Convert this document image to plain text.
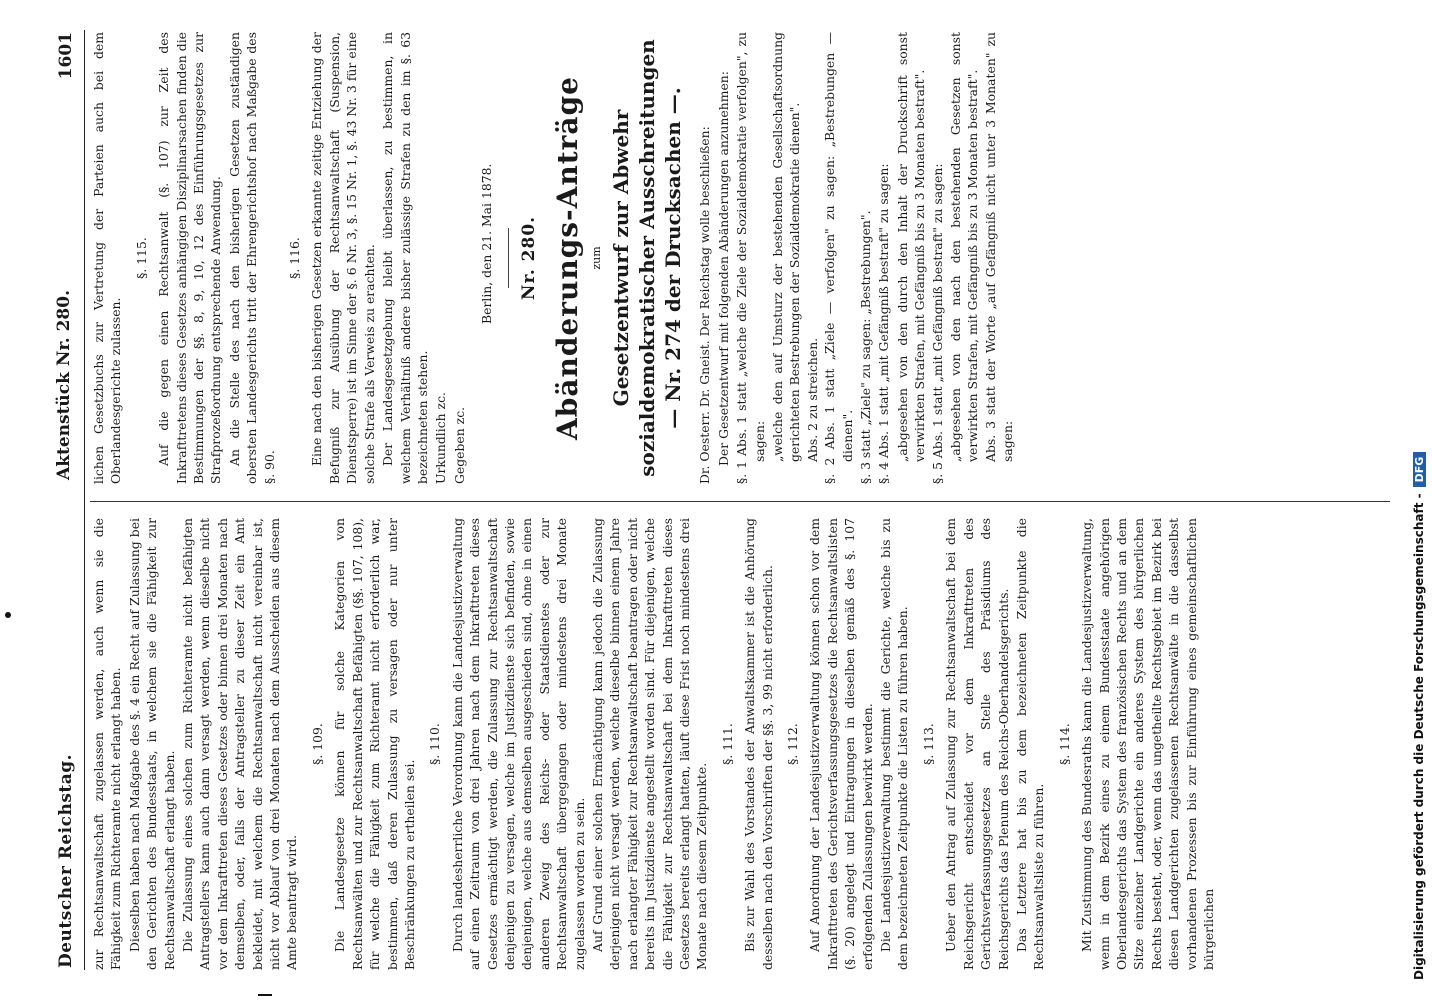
Deutscher Reichstag.
Aktenstück Nr. 280.
1601

zur Rechtsanwaltschaft zugelassen werden, auch wenn sie die Fähigkeit zum Richteramte nicht erlangt haben. Dieselben haben nach Maßgabe des §. 4 ein Recht auf Zulassung bei den Gerichten des Bundesstaats, in welchem sie die Fähigkeit zur Rechtsanwaltschaft erlangt haben. Die Zulassung eines solchen zum Richteramte nicht befähigten Antragstellers kann auch dann versagt werden, wenn dieselbe nicht vor dem Inkrafttreten dieses Gesetzes oder binnen drei Monaten nach demselben, oder, falls der Antragsteller zu dieser Zeit ein Amt bekleidet, mit welchem die Rechtsanwaltschaft nicht vereinbar ist, nicht vor Ablauf von drei Monaten nach dem Ausscheiden aus diesem Amte beantragt wird.

§. 109. Die Landesgesetze können für solche Kategorien von Rechtsanwälten und zur Rechtsanwaltschaft Befähigten (§§. 107, 108), für welche die Fähigkeit zum Richteramt nicht erforderlich war, bestimmen, daß deren Zulassung zu versagen oder nur unter Beschränkungen zu ertheilen sei.

§. 110. Durch landesherrliche Verordnung kann die Landesjustizverwaltung auf einen Zeitraum von drei Jahren nach dem Inkrafttreten dieses Gesetzes ermächtigt werden, die Zulassung zur Rechtsanwaltschaft denjenigen zu versagen, welche im Justizdienste sich befinden, sowie denjenigen, welche aus demselben ausgeschieden sind, ohne in einen anderen Zweig des Reichs- oder Staatsdienstes oder zur Rechtsanwaltschaft übergegangen oder mindestens drei Monate zugelassen worden zu sein. Auf Grund einer solchen Ermächtigung kann jedoch die Zulassung derjenigen nicht versagt werden, welche dieselbe binnen einem Jahre nach erlangter Fähigkeit zur Rechtsanwaltschaft beantragen oder nicht bereits im Justizdienste angestellt worden sind. Für diejenigen, welche die Fähigkeit zur Rechtsanwaltschaft bei dem Inkrafttreten dieses Gesetzes bereits erlangt hatten, läuft diese Frist noch mindestens drei Monate nach diesem Zeitpunkte.

§. 111. Bis zur Wahl des Vorstandes der Anwaltskammer ist die Anhörung desselben nach den Vorschriften der §§. 3, 99 nicht erforderlich. §. 112. Auf Anordnung der Landesjustizverwaltung können schon vor dem Inkrafttreten des Gerichtsverfassungsgesetzes die Rechtsanwaltslisten (§. 20) angelegt und Eintragungen in dieselben gemäß des §. 107 erfolgenden Zulassungen bewirkt werden. Die Landesjustizverwaltung bestimmt die Gerichte, welche bis zu dem bezeichneten Zeitpunkte die Listen zu führen haben. §. 113. Ueber den Antrag auf Zulassung zur Rechtsanwaltschaft bei dem Reichsgericht entscheidet vor dem Inkrafttreten des Gerichtsverfassungsgesetzes an Stelle des Präsidiums des Reichsgerichts das Plenum des Reichs-Oberhandelsgerichts. Das Letztere hat bis zu dem bezeichneten Zeitpunkte die Rechtsanwaltsliste zu führen.

§. 114. Mit Zustimmung des Bundesraths kann die Landesjustizverwaltung, wenn in dem Bezirk eines zu einem Bundesstaate angehörigen Oberlandesgerichts das System des französischen Rechts und an dem Sitze einzelner Landgerichte ein anderes System des bürgerlichen Rechts besteht, oder, wenn das ungetheilte Rechtsgebiet im Bezirk bei diesen Landgerichten zugelassenen Rechtsanwälte in die dasselbst vorhandenen Prozessen bis zur Einführung eines gemeinschaftlichen bürgerlichen

lichen Gesetzbuchs zur Vertretung der Parteien auch bei dem Oberlandesgerichte zulassen.

§. 115. Auf die gegen einen Rechtsanwalt (§. 107) zur Zeit des Inkrafttretens dieses Gesetzes anhängigen Disziplinarsachen finden die Bestimmungen der §§. 8, 9, 10, 12 des Einführungsgesetzes zur Strafprozeßordnung entsprechende Anwendung. An die Stelle des nach den bisherigen Gesetzen zuständigen obersten Landesgerichts tritt der Ehrengerichtshof nach Maßgabe des §. 90.

§. 116. Eine nach den bisherigen Gesetzen erkannte zeitige Entziehung der Befugniß zur Ausübung der Rechtsanwaltschaft (Suspension, Dienstsperre) ist im Sinne der §. 6 Nr. 3, §. 15 Nr. 1, §. 43 Nr. 3 für eine solche Strafe als Verweis zu erachten. Der Landesgesetzgebung bleibt überlassen, zu bestimmen, in welchem Verhältniß andere bisher zulässige Strafen zu den im §. 63 bezeichneten stehen. Urkundlich zc. Gegeben zc.

Berlin, den 21. Mai 1878. Nr. 280. Abänderungs-Anträge zum Gesetzentwurf zur Abwehr sozialdemokratischer Ausschreitungen — Nr. 274 der Drucksachen —. Dr. Oesterr. Dr. Gneist. Der Reichstag wolle beschließen: Der Gesetzentwurf mit folgenden Abänderungen anzunehmen: §. 1 Abs. 1 statt „welche die Ziele der Sozialdemokratie verfolgen", zu sagen: „welche den auf Umsturz der bestehenden Gesellschaftsordnung gerichteten Bestrebungen der Sozialdemokratie dienen". Abs. 2 zu streichen. §. 2 Abs. 1 statt „Ziele — verfolgen" zu sagen: „Bestrebungen — dienen". §. 3 statt „Ziele" zu sagen: „Bestrebungen". §. 4 Abs. 1 statt „mit Gefängniß bestraft" zu sagen: „abgesehen von den durch den Inhalt der Druckschrift sonst verwirkten Strafen, mit Gefängniß bis zu 3 Monaten bestraft". §. 5 Abs. 1 statt „mit Gefängniß bestraft" zu sagen: „abgesehen von den nach den bestehenden Gesetzen sonst verwirkten Strafen, mit Gefängniß bis zu 3 Monaten bestraft". Abs. 3 statt der Worte „auf Gefängniß nicht unter 3 Monaten" zu sagen:

Digitalisierung gefördert durch die Deutsche Forschungsgemeinschaft -DFG
